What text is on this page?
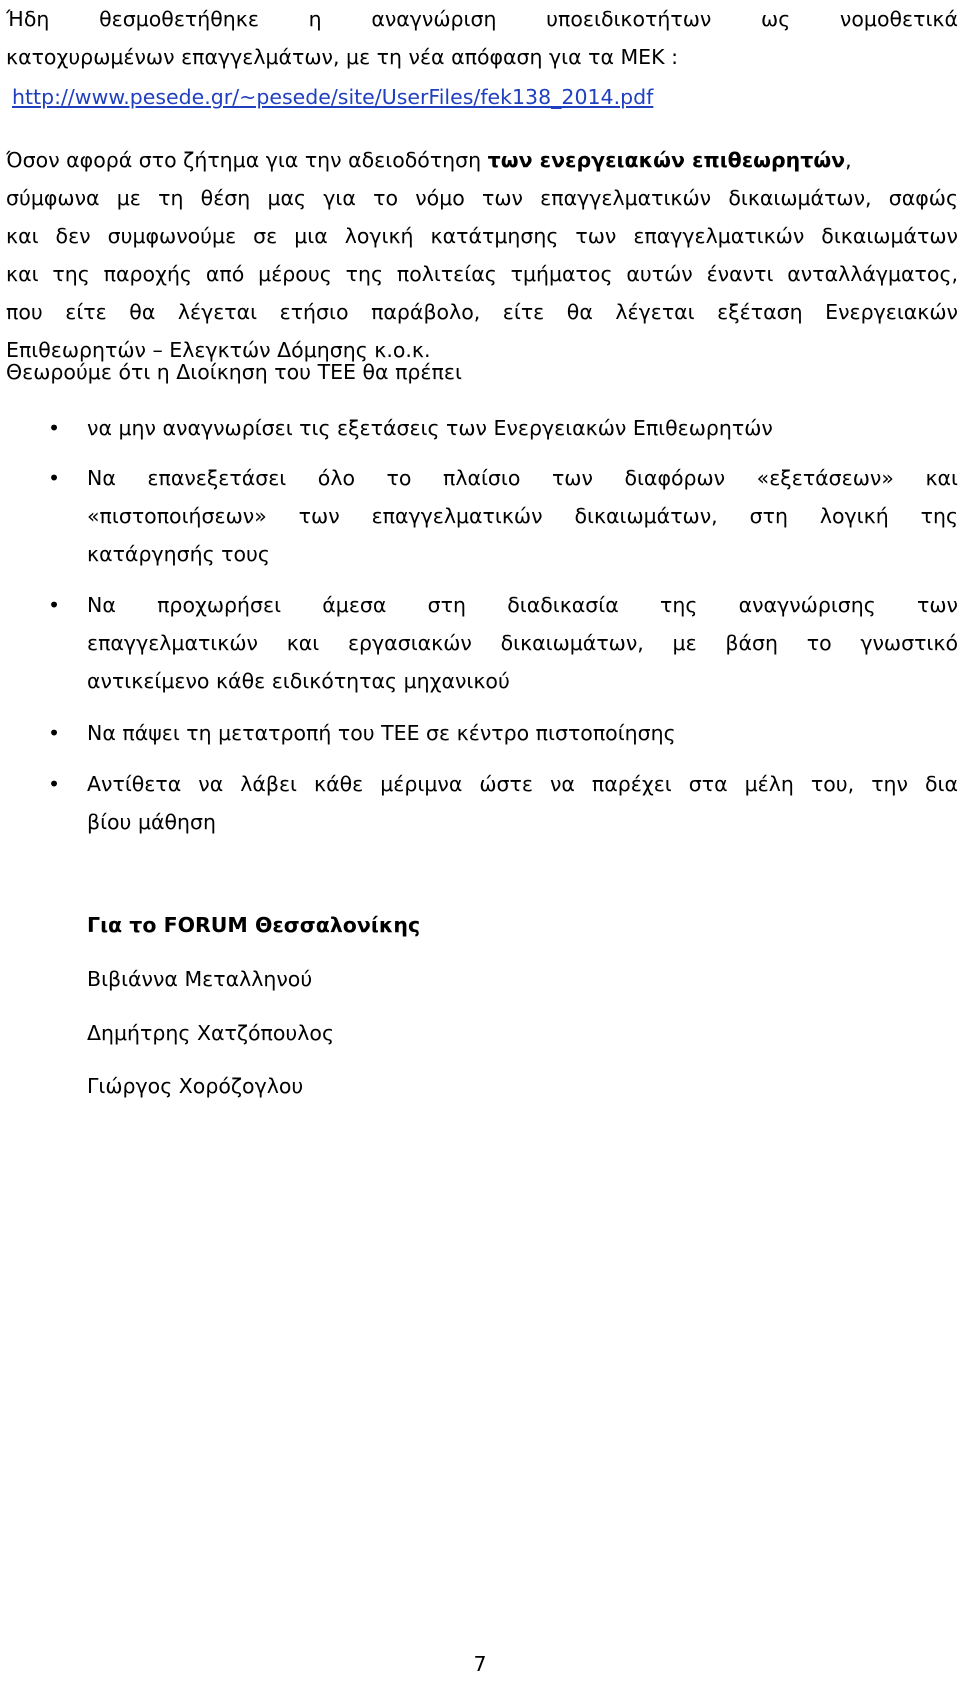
Ήδη θεσμοθετήθηκε η αναγνώριση υποειδικοτήτων ως νομοθετικά
κατοχυρωμένων επαγγελμάτων, με τη νέα απόφαση για τα ΜΕΚ :
http://www.pesede.gr/~pesede/site/UserFiles/fek138_2014.pdf
Όσον αφορά στο ζήτημα για την αδειοδότηση των ενεργειακών επιθεωρητών,
σύμφωνα με τη θέση μας για το νόμο των επαγγελματικών δικαιωμάτων, σαφώς
και δεν συμφωνούμε σε μια λογική κατάτμησης των επαγγελματικών δικαιωμάτων
και της παροχής από μέρους της πολιτείας τμήματος αυτών έναντι ανταλλάγματος,
που είτε θα λέγεται ετήσιο παράβολο, είτε θα λέγεται εξέταση Ενεργειακών
Επιθεωρητών – Ελεγκτών Δόμησης κ.ο.κ.
Θεωρούμε ότι η Διοίκηση του ΤΕΕ θα πρέπει
• να μην αναγνωρίσει τις εξετάσεις των Ενεργειακών Επιθεωρητών
• Να επανεξετάσει όλο το πλαίσιο των διαφόρων «εξετάσεων» και
«πιστοποιήσεων» των επαγγελματικών δικαιωμάτων, στη λογική της
κατάργησής τους
• Να προχωρήσει άμεσα στη διαδικασία της αναγνώρισης των
επαγγελματικών και εργασιακών δικαιωμάτων, με βάση το γνωστικό
αντικείμενο κάθε ειδικότητας μηχανικού
• Να πάψει τη μετατροπή του ΤΕΕ σε κέντρο πιστοποίησης
• Αντίθετα να λάβει κάθε μέριμνα ώστε να παρέχει στα μέλη του, την δια
βίου μάθηση
Για το FORUM Θεσσαλονίκης
Βιβιάννα Μεταλληνού
Δημήτρης Χατζόπουλος
Γιώργος Χορόζογλου
7
